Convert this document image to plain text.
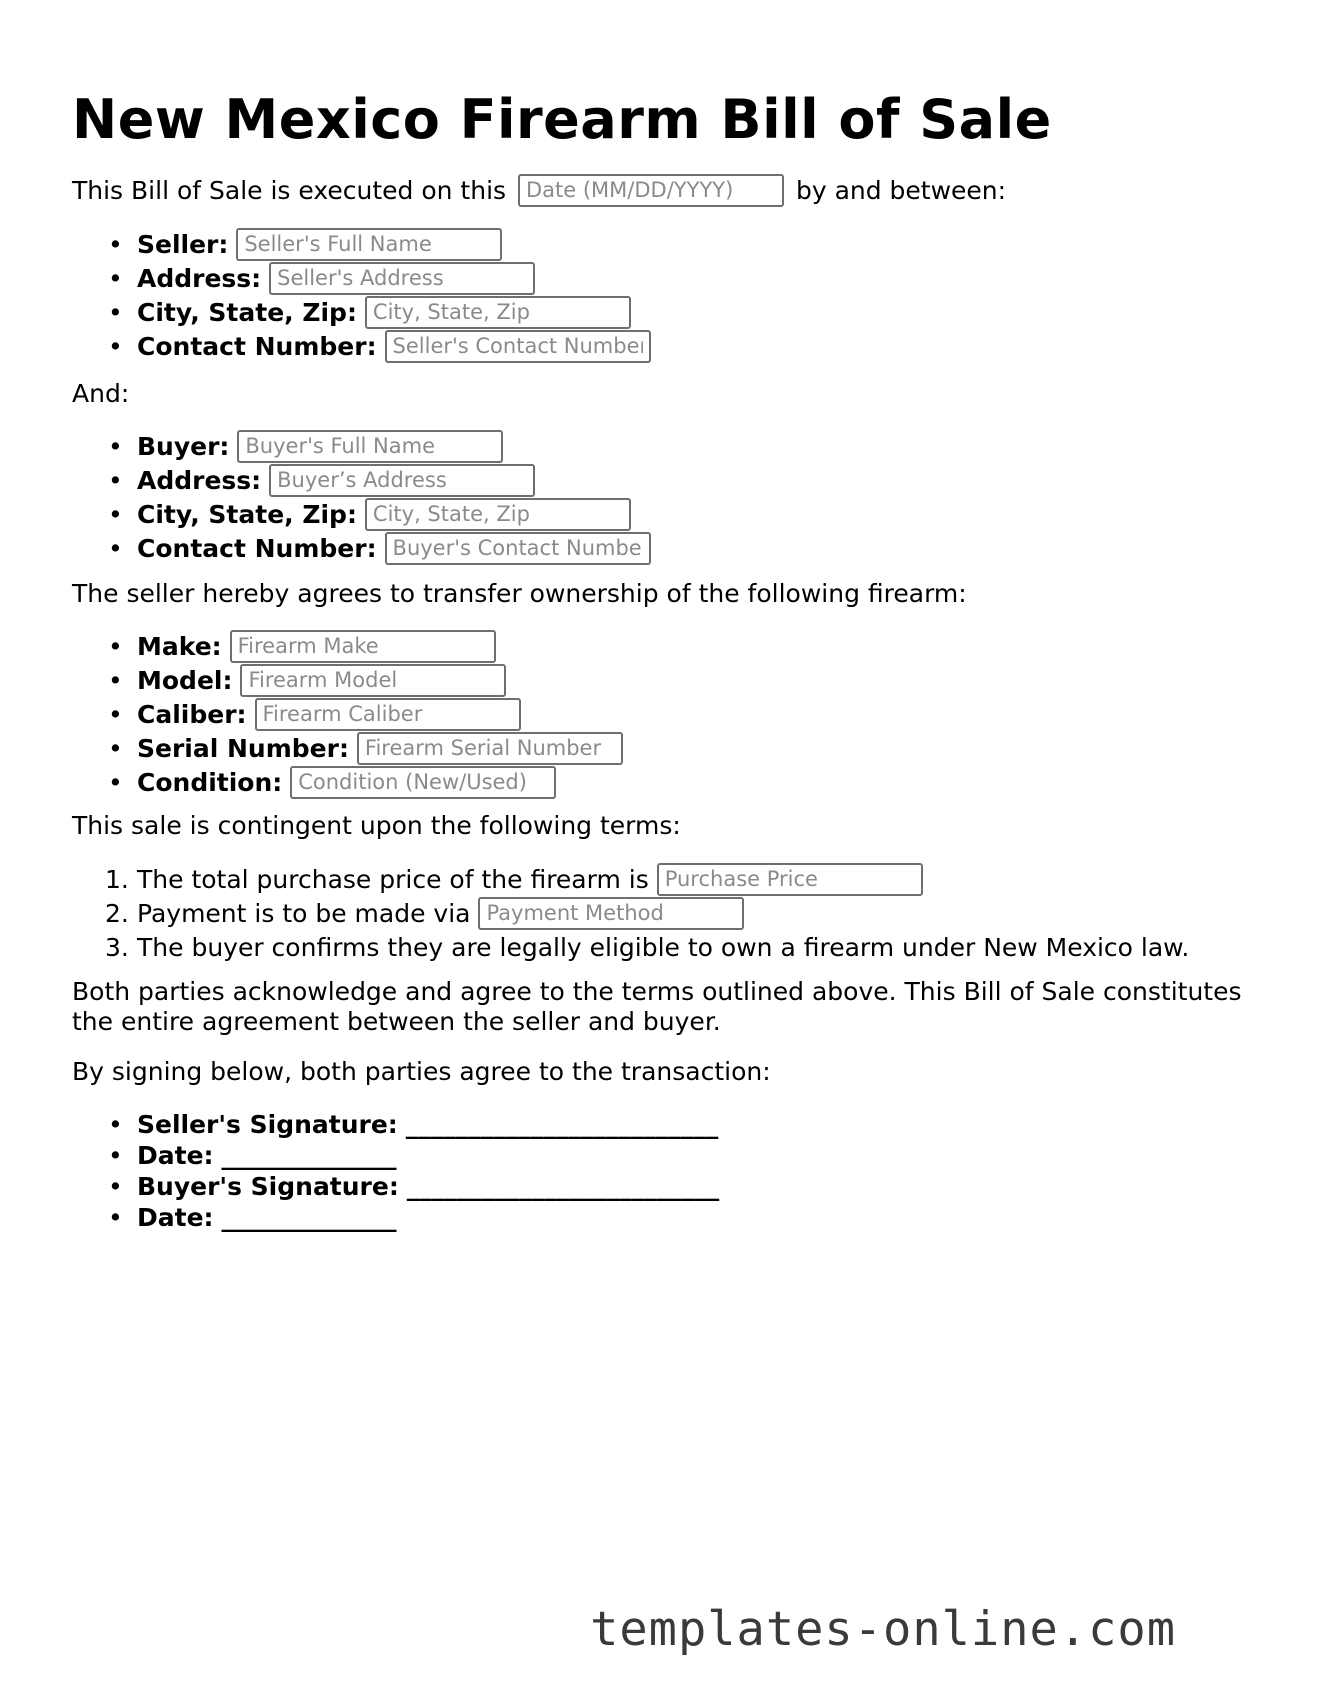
New Mexico Firearm Bill of Sale
This Bill of Sale is executed on this Date (MM/DD/YYYY)	by and between:
• Seller: Seller's Full Name
• Address: Seller's Address
• City, State, Zip: City, State, Zip
• Contact Number: Seller's Contact Number
And:
• Buyer: Buyer's Full Name
• Address: Buyer’s Address
• City, State, Zip: City, State, Zip
• Contact Number: Buyer's Contact Number
The seller hereby agrees to transfer ownership of the following firearm:
• Make: Firearm Make
• Model: Firearm Model
• Caliber: Firearm Caliber
• Serial Number: Firearm Serial Number
• Condition: Condition (New/Used)
This sale is contingent upon the following terms:
1. The total purchase price of the firearm is Purchase Price
2. Payment is to be made via Payment Method
3. The buyer confirms they are legally eligible to own a firearm under New Mexico law.
Both parties acknowledge and agree to the terms outlined above. This Bill of Sale constitutes the entire agreement between the seller and buyer.
By signing below, both parties agree to the transaction:
• Seller's Signature: _________________________
• Date: ______________
• Buyer's Signature: _________________________
• Date: ______________
templates-online.com
